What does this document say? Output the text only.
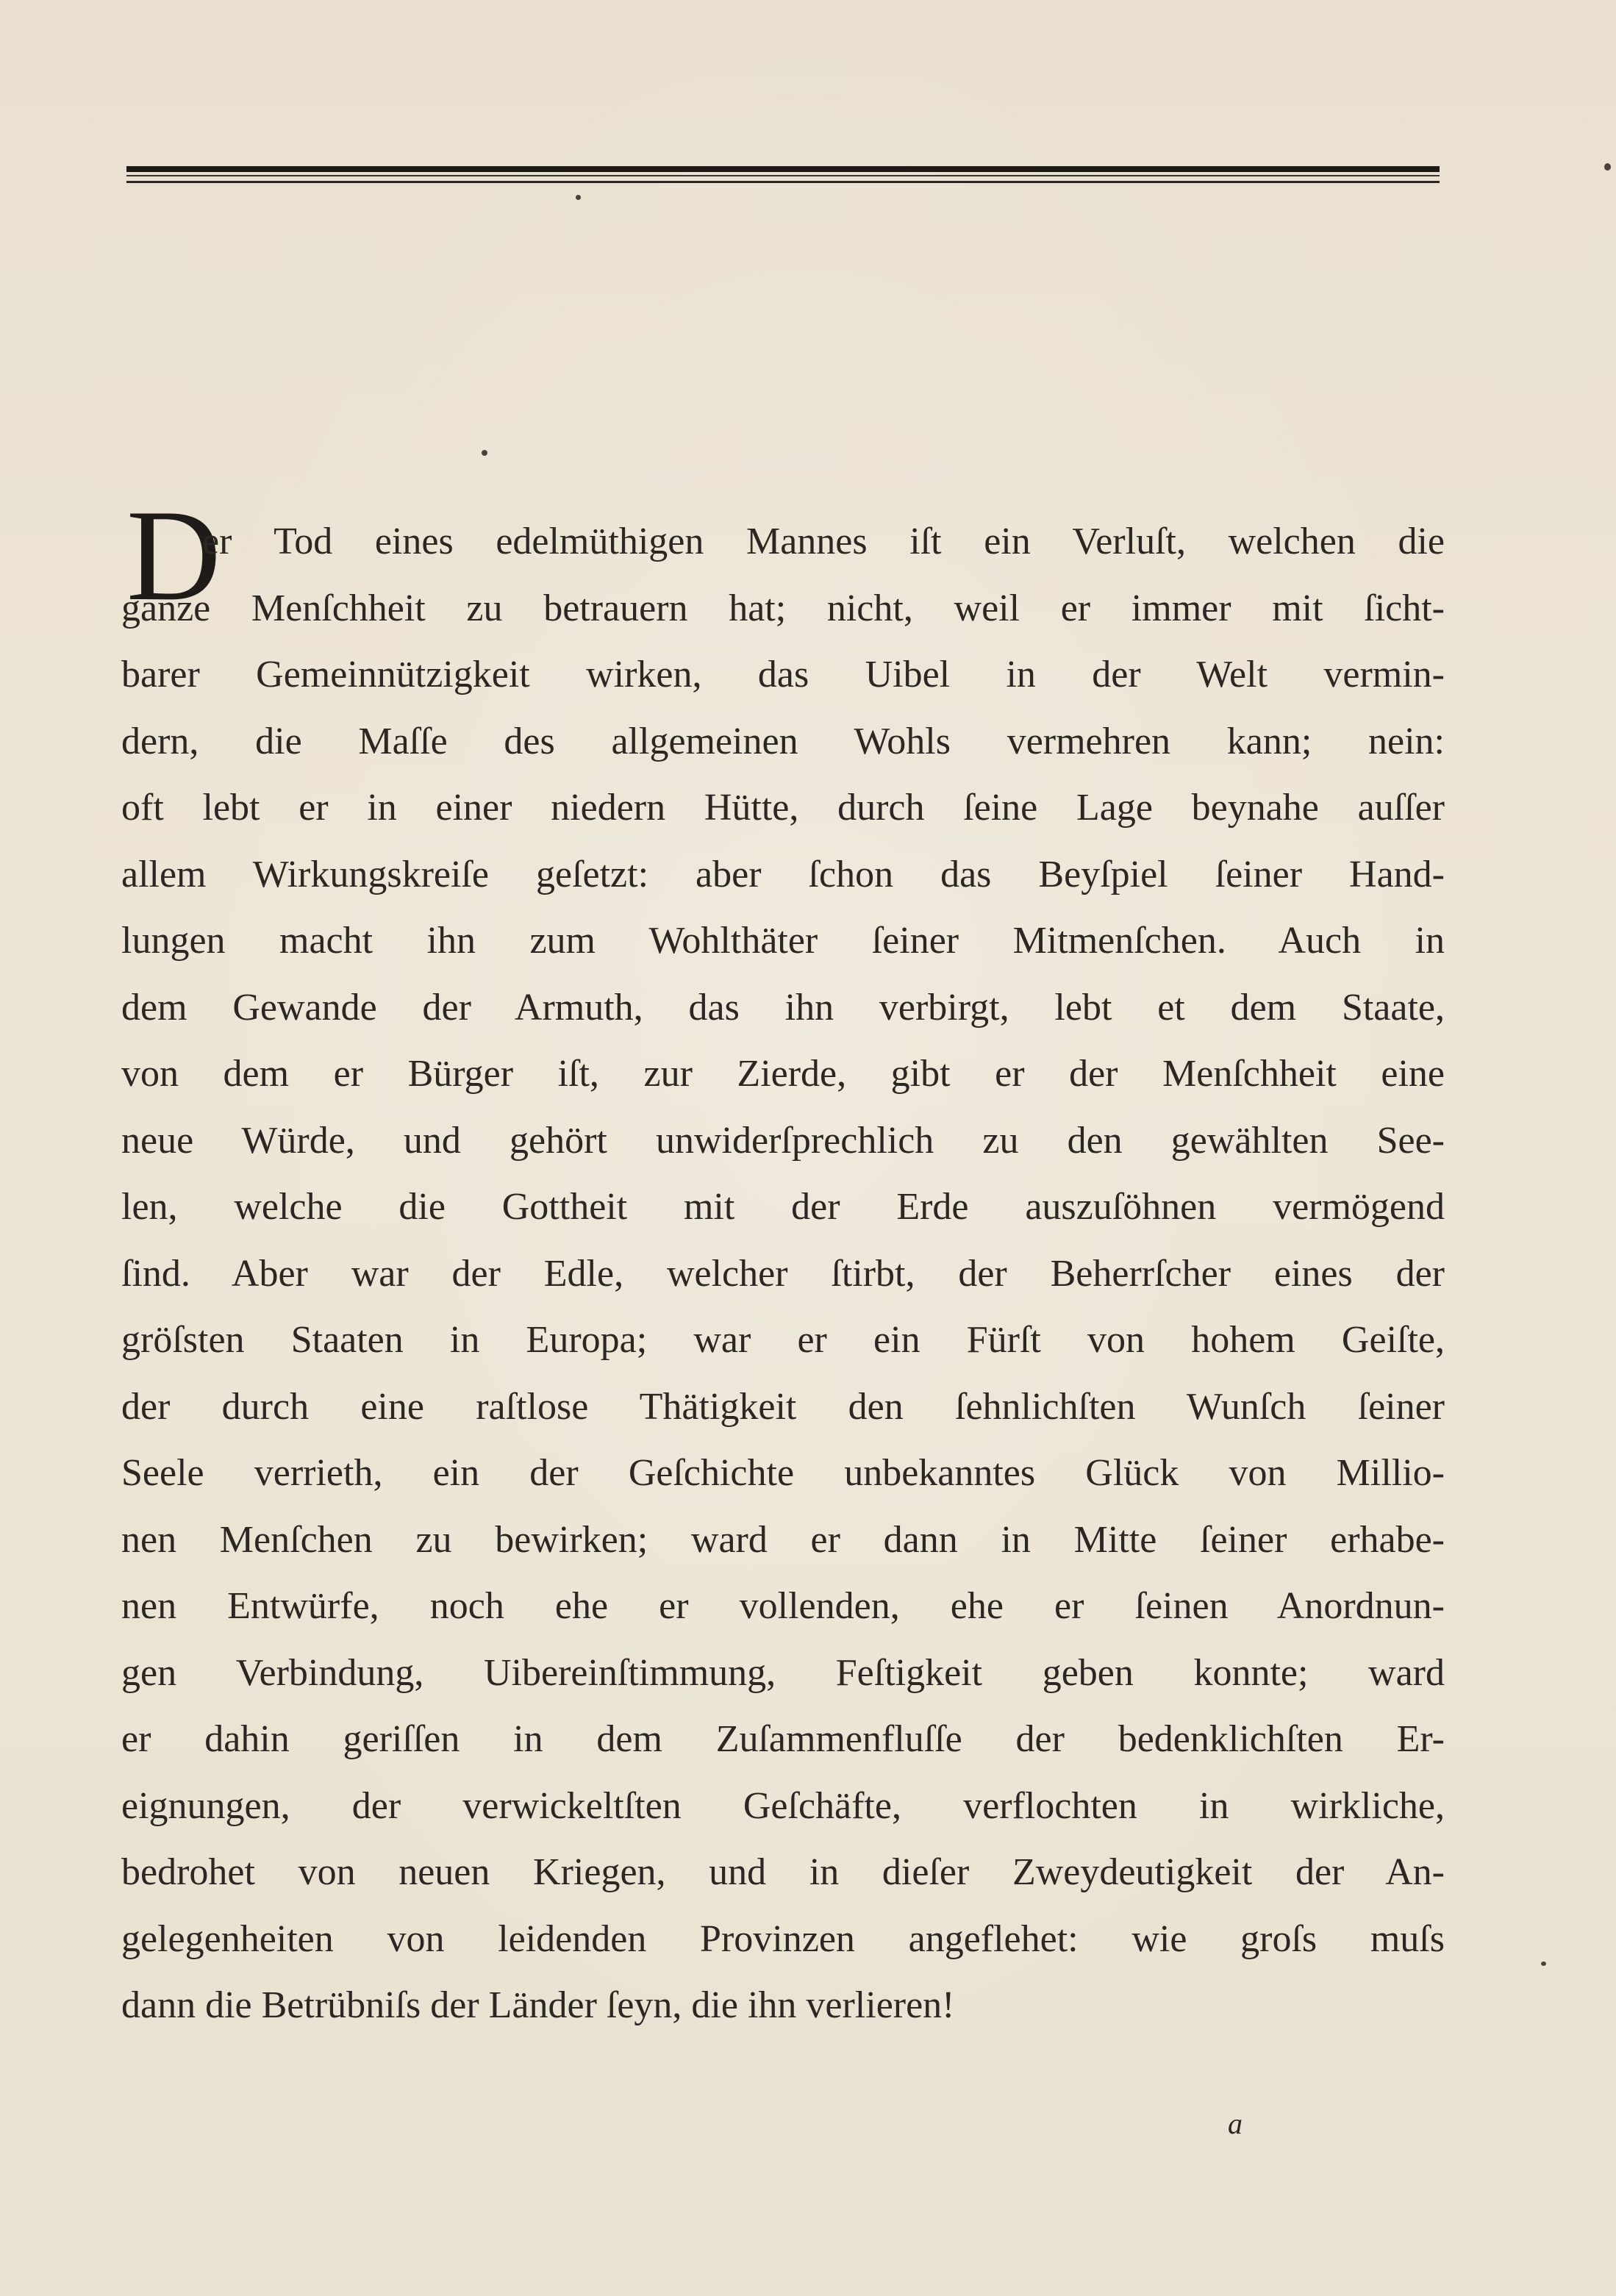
D
er Tod eines edelmüthigen Mannes iſt ein Verluſt, welchen die
ganze Menſchheit zu betrauern hat; nicht, weil er immer mit ſicht-
barer Gemeinnützigkeit wirken, das Uibel in der Welt vermin-
dern, die Maſſe des allgemeinen Wohls vermehren kann; nein:
oft lebt er in einer niedern Hütte, durch ſeine Lage beynahe auſſer
allem Wirkungskreiſe geſetzt: aber ſchon das Beyſpiel ſeiner Hand-
lungen macht ihn zum Wohlthäter ſeiner Mitmenſchen. Auch in
dem Gewande der Armuth, das ihn verbirgt, lebt et dem Staate,
von dem er Bürger iſt, zur Zierde, gibt er der Menſchheit eine
neue Würde, und gehört unwiderſprechlich zu den gewählten See-
len, welche die Gottheit mit der Erde auszuſöhnen vermögend
ſind. Aber war der Edle, welcher ſtirbt, der Beherrſcher eines der
gröſsten Staaten in Europa; war er ein Fürſt von hohem Geiſte,
der durch eine raſtlose Thätigkeit den ſehnlichſten Wunſch ſeiner
Seele verrieth, ein der Geſchichte unbekanntes Glück von Millio-
nen Menſchen zu bewirken; ward er dann in Mitte ſeiner erhabe-
nen Entwürfe, noch ehe er vollenden, ehe er ſeinen Anordnun-
gen Verbindung, Uibereinſtimmung, Feſtigkeit geben konnte; ward
er dahin geriſſen in dem Zuſammenfluſſe der bedenklichſten Er-
eignungen, der verwickeltſten Geſchäfte, verflochten in wirkliche,
bedrohet von neuen Kriegen, und in dieſer Zweydeutigkeit der An-
gelegenheiten von leidenden Provinzen angeflehet: wie groſs muſs
dann die Betrübniſs der Länder ſeyn, die ihn verlieren!
a
